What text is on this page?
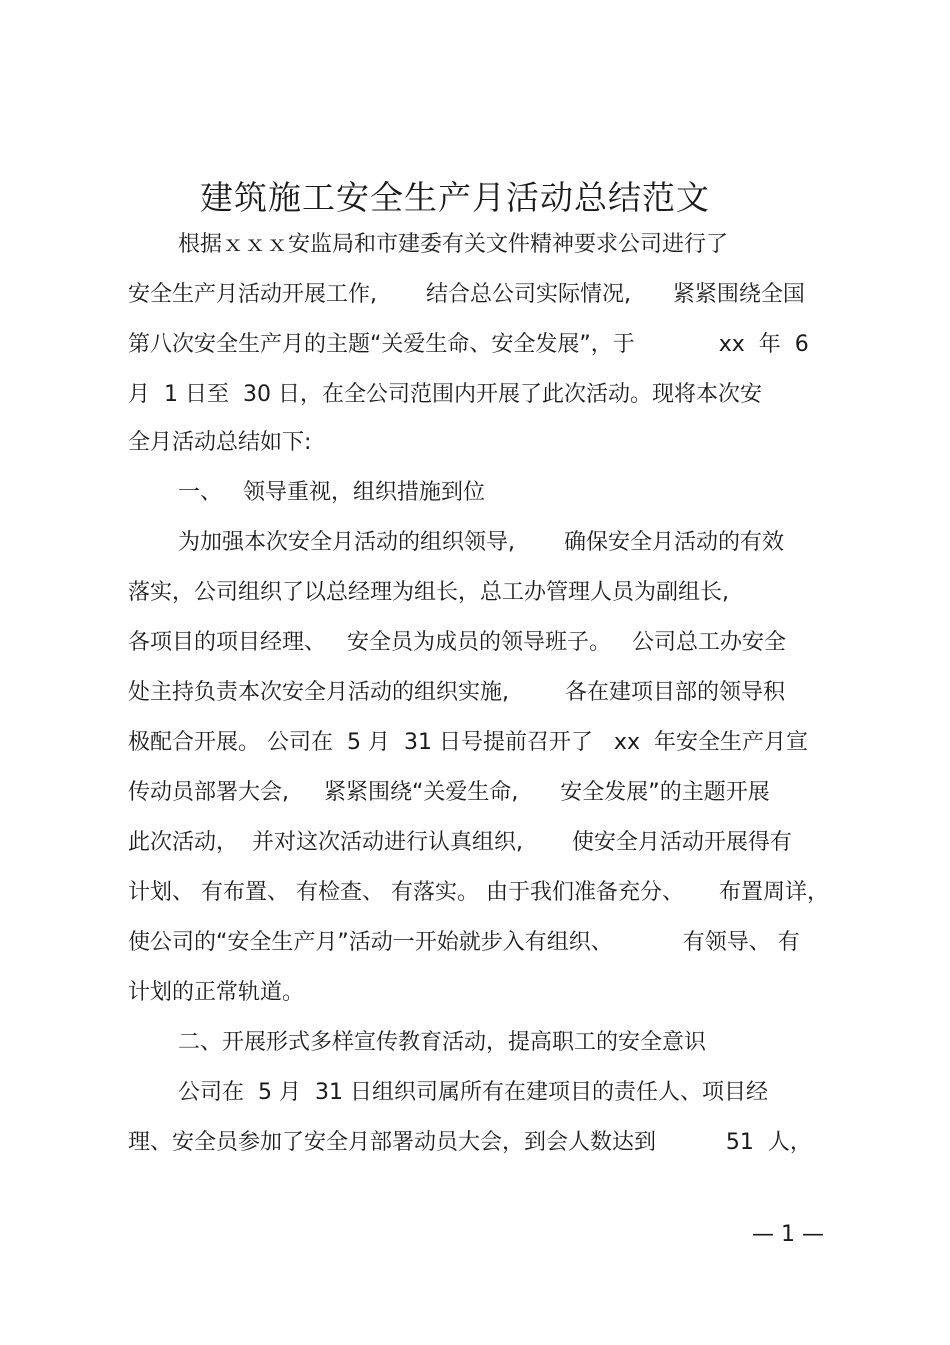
建筑施工安全生产月活动总结范文
根据ｘｘｘ安监局和市建委有关文件精神要求公司进行了
安全生产月活动开展工作,       结合总公司实际情况,      紧紧围绕全国
第八次安全生产月的主题“关爱生命、安全发展”，于            xx  年  6
月  1 日至  30 日，在全公司范围内开展了此次活动。现将本次安
全月活动总结如下:
一、   领导重视，组织措施到位
为加强本次安全月活动的组织领导,       确保安全月活动的有效
落实，公司组织了以总经理为组长，总工办管理人员为副组长,
各项目的项目经理、   安全员为成员的领导班子。   公司总工办安全
处主持负责本次安全月活动的组织实施,        各在建项目部的领导积
极配合开展。 公司在  5 月  31 日号提前召开了   xx  年安全生产月宣
传动员部署大会,     紧紧围绕“关爱生命,      安全发展”的主题开展
此次活动，  并对这次活动进行认真组织,       使安全月活动开展得有
计划、 有布置、 有检查、 有落实。 由于我们准备充分、     布置周详，
使公司的“安全生产月”活动一开始就步入有组织、          有领导、 有
计划的正常轨道。
二、开展形式多样宣传教育活动，提高职工的安全意识
公司在  5 月  31 日组织司属所有在建项目的责任人、项目经
理、安全员参加了安全月部署动员大会，到会人数达到          51  人，
— 1 —
